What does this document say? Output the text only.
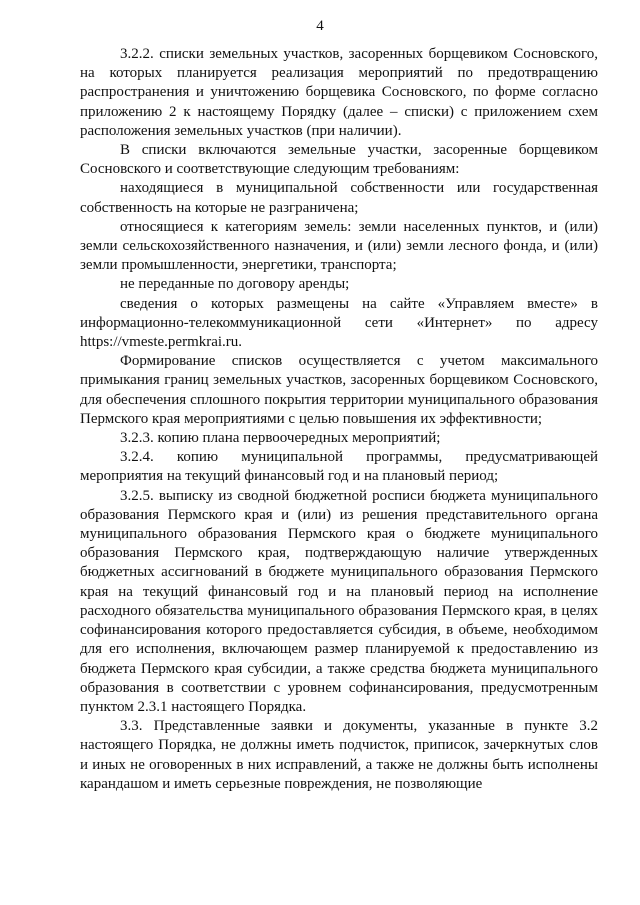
4

3.2.2. списки земельных участков, засоренных борщевиком Сосновского, на которых планируется реализация мероприятий по предотвращению распространения и уничтожению борщевика Сосновского, по форме согласно приложению 2 к настоящему Порядку (далее – списки) с приложением схем расположения земельных участков (при наличии).

В списки включаются земельные участки, засоренные борщевиком Сосновского и соответствующие следующим требованиям:

находящиеся в муниципальной собственности или государственная собственность на которые не разграничена;

относящиеся к категориям земель: земли населенных пунктов, и (или) земли сельскохозяйственного назначения, и (или) земли лесного фонда, и (или) земли промышленности, энергетики, транспорта;

не переданные по договору аренды;

сведения о которых размещены на сайте «Управляем вместе» в информационно-телекоммуникационной сети «Интернет» по адресу https://vmeste.permkrai.ru.

Формирование списков осуществляется с учетом максимального примыкания границ земельных участков, засоренных борщевиком Сосновского, для обеспечения сплошного покрытия территории муниципального образования Пермского края мероприятиями с целью повышения их эффективности;

3.2.3. копию плана первоочередных мероприятий;

3.2.4. копию муниципальной программы, предусматривающей мероприятия на текущий финансовый год и на плановый период;

3.2.5. выписку из сводной бюджетной росписи бюджета муниципального образования Пермского края и (или) из решения представительного органа муниципального образования Пермского края о бюджете муниципального образования Пермского края, подтверждающую наличие утвержденных бюджетных ассигнований в бюджете муниципального образования Пермского края на текущий финансовый год и на плановый период на исполнение расходного обязательства муниципального образования Пермского края, в целях софинансирования которого предоставляется субсидия, в объеме, необходимом для его исполнения, включающем размер планируемой к предоставлению из бюджета Пермского края субсидии, а также средства бюджета муниципального образования в соответствии с уровнем софинансирования, предусмотренным пунктом 2.3.1 настоящего Порядка.

3.3. Представленные заявки и документы, указанные в пункте 3.2 настоящего Порядка, не должны иметь подчисток, приписок, зачеркнутых слов и иных не оговоренных в них исправлений, а также не должны быть исполнены карандашом и иметь серьезные повреждения, не позволяющие
